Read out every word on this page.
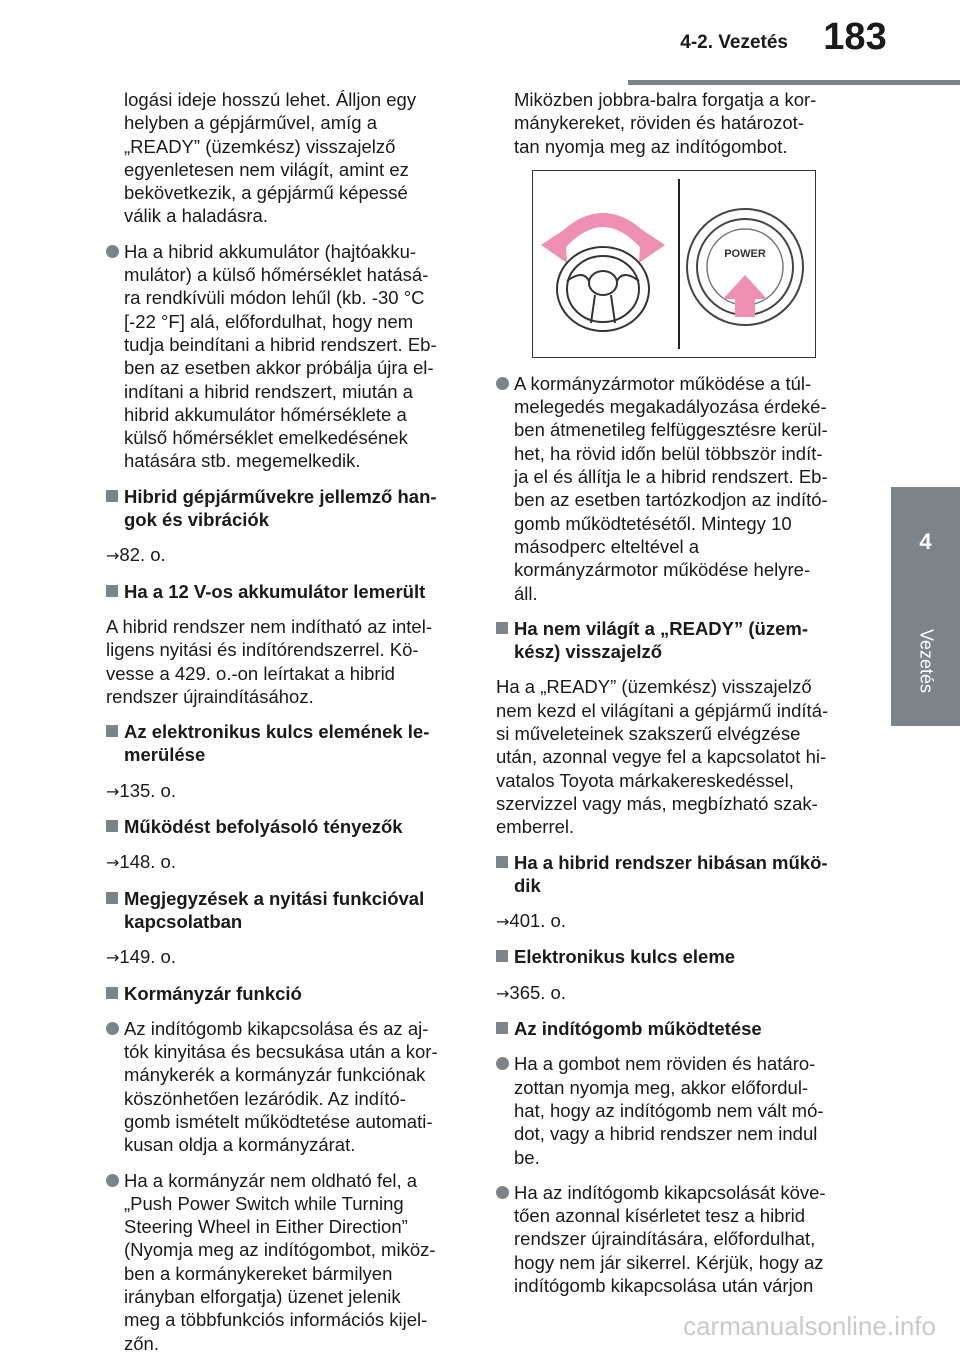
4-2. Vezetés 183
4
Vezetés
logási ideje hosszú lehet. Álljon egy
helyben a gépjárművel, amíg a
„READY” (üzemkész) visszajelző
egyenletesen nem világít, amint ez
bekövetkezik, a gépjármű képessé
válik a haladásra.
Ha a hibrid akkumulátor (hajtóakku-
mulátor) a külső hőmérséklet hatásá-
ra rendkívüli módon lehűl (kb. -30 °C
[-22 °F] alá, előfordulhat, hogy nem
tudja beindítani a hibrid rendszert. Eb-
ben az esetben akkor próbálja újra el-
indítani a hibrid rendszert, miután a
hibrid akkumulátor hőmérséklete a
külső hőmérséklet emelkedésének
hatására stb. megemelkedik.
Hibrid gépjárművekre jellemző han-
gok és vibrációk
→82. o.
Ha a 12 V-os akkumulátor lemerült
A hibrid rendszer nem indítható az intel-
ligens nyitási és indítórendszerrel. Kö-
vesse a 429. o.-on leírtakat a hibrid
rendszer újraindításához.
Az elektronikus kulcs elemének le-
merülése
→135. o.
Működést befolyásoló tényezők
→148. o.
Megjegyzések a nyitási funkcióval
kapcsolatban
→149. o.
Kormányzár funkció
Az indítógomb kikapcsolása és az aj-
tók kinyitása és becsukása után a kor-
mánykerék a kormányzár funkciónak
köszönhetően lezáródik. Az indító-
gomb ismételt működtetése automati-
kusan oldja a kormányzárat.
Ha a kormányzár nem oldható fel, a
„Push Power Switch while Turning
Steering Wheel in Either Direction”
(Nyomja meg az indítógombot, miköz-
ben a kormánykereket bármilyen
irányban elforgatja) üzenet jelenik
meg a többfunkciós információs kijel-
zőn.
Miközben jobbra-balra forgatja a kor-
mánykereket, röviden és határozot-
tan nyomja meg az indítógombot.
POWER
A kormányzármotor működése a túl-
melegedés megakadályozása érdeké-
ben átmenetileg felfüggesztésre kerül-
het, ha rövid időn belül többször indít-
ja el és állítja le a hibrid rendszert. Eb-
ben az esetben tartózkodjon az indító-
gomb működtetésétől. Mintegy 10
másodperc elteltével a
kormányzármotor működése helyre-
áll.
Ha nem világít a „READY” (üzem-
kész) visszajelző
Ha a „READY” (üzemkész) visszajelző
nem kezd el világítani a gépjármű indítá-
si műveleteinek szakszerű elvégzése
után, azonnal vegye fel a kapcsolatot hi-
vatalos Toyota márkakereskedéssel,
szervizzel vagy más, megbízható szak-
emberrel.
Ha a hibrid rendszer hibásan műkö-
dik
→401. o.
Elektronikus kulcs eleme
→365. o.
Az indítógomb működtetése
Ha a gombot nem röviden és határo-
zottan nyomja meg, akkor előfordul-
hat, hogy az indítógomb nem vált mó-
dot, vagy a hibrid rendszer nem indul
be.
Ha az indítógomb kikapcsolását köve-
tően azonnal kísérletet tesz a hibrid
rendszer újraindítására, előfordulhat,
hogy nem jár sikerrel. Kérjük, hogy az
indítógomb kikapcsolása után várjon
carmanualsonline.info
